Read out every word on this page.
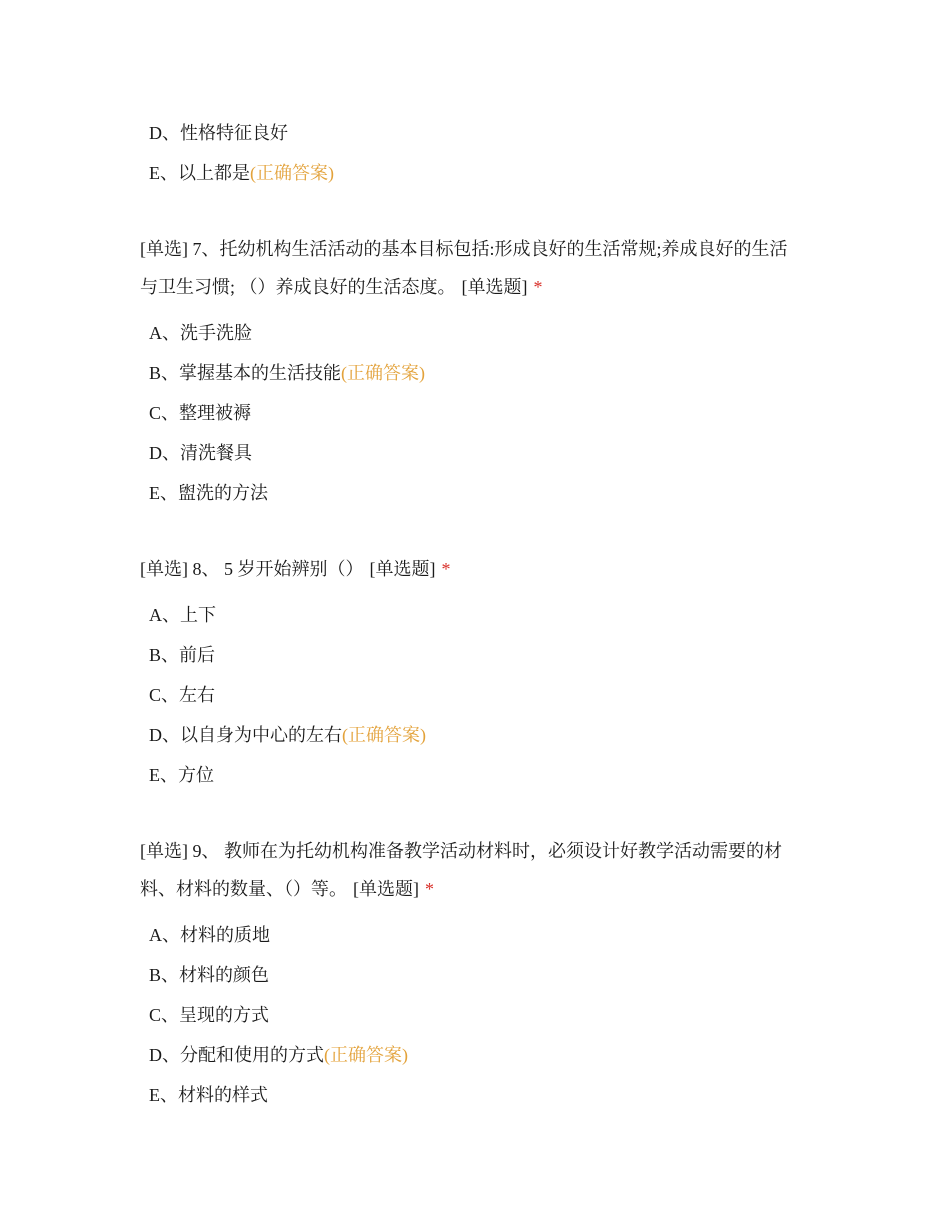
D、性格特征良好
E、以上都是(正确答案)
[单选] 7、托幼机构生活活动的基本目标包括:形成良好的生活常规;养成良好的生活
与卫生习惯; （）养成良好的生活态度。 [单选题] *
A、洗手洗脸
B、掌握基本的生活技能(正确答案)
C、整理被褥
D、清洗餐具
E、盥洗的方法
[单选] 8、 5 岁开始辨别（） [单选题] *
A、上下
B、前后
C、左右
D、以自身为中心的左右(正确答案)
E、方位
[单选] 9、 教师在为托幼机构准备教学活动材料时，必须设计好教学活动需要的材
料、材料的数量、（）等。 [单选题] *
A、材料的质地
B、材料的颜色
C、呈现的方式
D、分配和使用的方式(正确答案)
E、材料的样式
